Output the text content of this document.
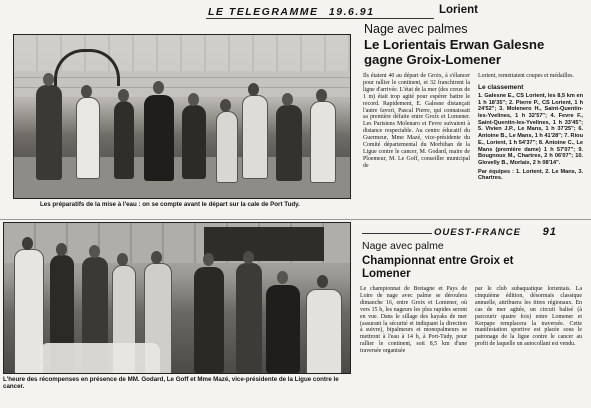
LE TELEGRAMME 19.6.91	Lorient
Les préparatifs de la mise à l'eau : on se compte avant le départ sur la cale de Port Tudy.
Nage avec palmes
Le Lorientais Erwan Galesne gagne Groix-Lomener
Ils étaient 40 au départ de Groix, à s'élancer pour rallier le continent, et 32 franchirent la ligne d'arrivée. L'état de la mer (des creux de 1 m) était trop agité pour espérer battre le record. Rapidement, E. Galesne distançait l'autre favori, Pascal Pierre, qui connaissait sa première défaite entre Groix et Lomener. Les Parisiens Molenaro et Fevre suivaient à distance respectable. Au centre éducatif du Guermeur, Mme Mazé, vice-présidente du Comité départemental du Morbihan de la Ligue contre le cancer, M. Godard, maire de Ploemeur, M. Le Goff, conseiller municipal de
Lorient, remettaient coupes et médailles.
Le classement
1. Galesne E., CS Lorient, les 8,5 km en 1 h 18'35"; 2. Pierre P., CS Lorient, 1 h 24'52"; 3. Molenero H., Saint-Quentin-les-Yvelines, 1 h 32'57"; 4. Fevre F., Saint-Quentin-les-Yvelines, 1 h 33'45"; 5. Vivien J.P., Le Mans, 1 h 37'25"; 6. Antoine B., Le Mans, 1 h 41'28"; 7. Riou E., Lorient, 1 h 54'37"; 8. Antoine C., Le Mans (première dame) 1 h 57'07"; 9. Bougnoux M., Chartres, 2 h 06'07"; 10. Glovelly B., Morlaix, 2 h 08'14".
Par équipes : 1. Lorient, 2. Le Mans, 3. Chartres.
L'heure des récompenses en présence de MM. Godard, Le Goff et Mme Mazé, vice-présidente de la Ligue contre le cancer.
OUEST-FRANCE 91
Nage avec palme
Championnat entre Groix et Lomener
Le championnat de Bretagne et Pays de Loire de nage avec palme se déroulera dimanche 16, entre Groix et Lomener, où vers 15 h, les nageurs les plus rapides seront en vue. Dans le sillage des kayaks de mer (assurant la sécurité et indiquant la direction à suivre), bipalmeurs et monopalmeurs se mettront à l'eau à 14 h, à Port-Tudy, pour rallier le continent, soit 8,5 km d'une traversée organisée
par le club subaquatique lorientais. La cinquième édition, désormais classique annuelle, attribuera les titres régionaux. En cas de mer agitée, un circuit balisé (à parcourir quatre fois) entre Lomener et Kerpape remplacera la traversée. Cette manifestation sportive est placée sous le patronage de la ligue contre le cancer au profit de laquelle un autocollant est vendu.
